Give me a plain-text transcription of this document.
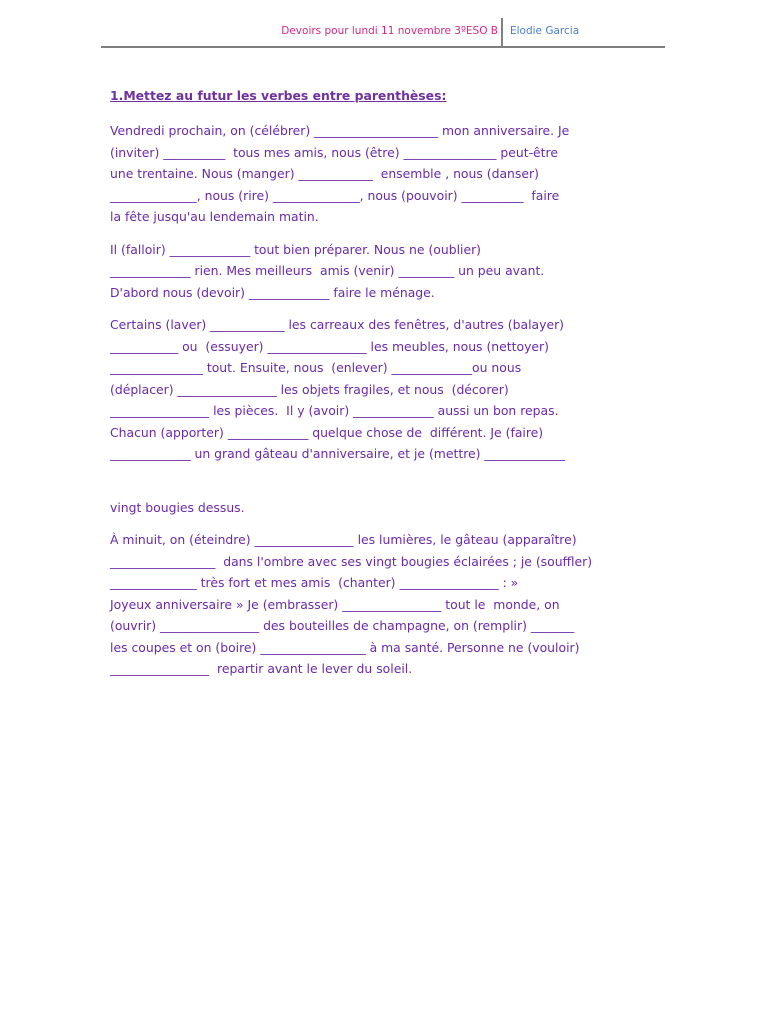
Devoirs pour lundi 11 novembre 3ºESO B Elodie Garcia
1.Mettez au futur les verbes entre parenthèses:
Vendredi prochain, on (célébrer) ____________________ mon anniversaire. Je
(inviter) __________  tous mes amis, nous (être) _______________ peut-être
une trentaine. Nous (manger) ____________  ensemble , nous (danser)
______________, nous (rire) ______________, nous (pouvoir) __________  faire
la fête jusqu'au lendemain matin.
Il (falloir) _____________ tout bien préparer. Nous ne (oublier)
_____________ rien. Mes meilleurs  amis (venir) _________ un peu avant.
D'abord nous (devoir) _____________ faire le ménage.
Certains (laver) ____________ les carreaux des fenêtres, d'autres (balayer)
___________ ou  (essuyer) ________________ les meubles, nous (nettoyer)
_______________ tout. Ensuite, nous  (enlever) _____________ou nous
(déplacer) ________________ les objets fragiles, et nous  (décorer)
________________ les pièces.  Il y (avoir) _____________ aussi un bon repas.
Chacun (apporter) _____________ quelque chose de  différent. Je (faire)
_____________ un grand gâteau d'anniversaire, et je (mettre) _____________
vingt bougies dessus.
À minuit, on (éteindre) ________________ les lumières, le gâteau (apparaître)
_________________  dans l'ombre avec ses vingt bougies éclairées ; je (souffler)
______________ très fort et mes amis  (chanter) ________________ : »
Joyeux anniversaire » Je (embrasser) ________________ tout le  monde, on
(ouvrir) ________________ des bouteilles de champagne, on (remplir) _______
les coupes et on (boire) _________________ à ma santé. Personne ne (vouloir)
________________  repartir avant le lever du soleil.
